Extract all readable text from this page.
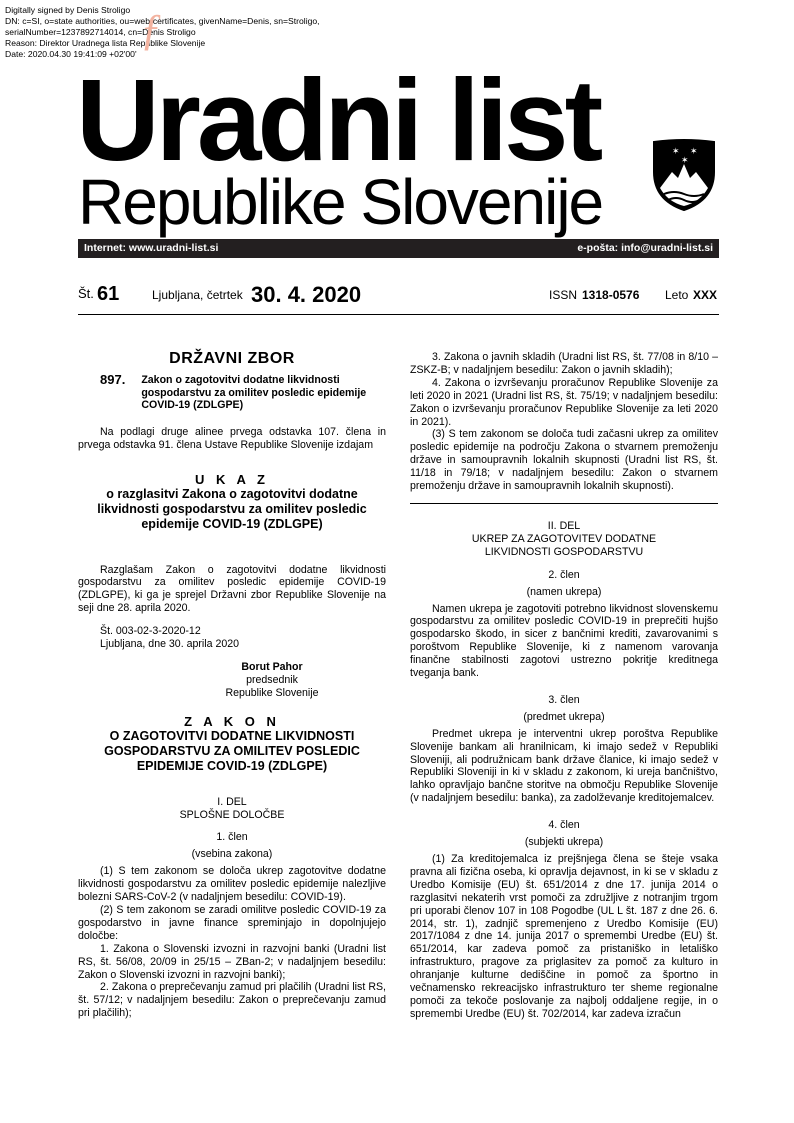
Digitally signed by Denis Stroligo
DN: c=SI, o=state authorities, ou=web-certificates, givenName=Denis, sn=Stroligo,
serialNumber=1237892714014, cn=Denis Stroligo
Reason: Direktor Uradnega lista Republike Slovenije
Date: 2020.04.30 19:41:09 +02'00' ƒ
Uradni list
Republike Slovenije
✶ ✶
✶
Internet: www.uradni-list.si	e-pošta: info@uradni-list.si
Št. 61	Ljubljana, četrtek 30. 4. 2020	ISSN 1318-0576 Leto XXX

DRŽAVNI ZBOR

897. Zakon o zagotovitvi dodatne likvidnosti gospodarstvu za omilitev posledic epidemije COVID-19 (ZDLGPE)

Na podlagi druge alinee prvega odstavka 107. člena in prvega odstavka 91. člena Ustave Republike Slovenije izdajam

U K A Z

o razglasitvi Zakona o zagotovitvi dodatne likvidnosti gospodarstvu za omilitev posledic epidemije COVID-19 (ZDLGPE)

Razglašam Zakon o zagotovitvi dodatne likvidnosti gospodarstvu za omilitev posledic epidemije COVID-19 (ZDLGPE), ki ga je sprejel Državni zbor Republike Slovenije na seji dne 28. aprila 2020.

Št. 003-02-3-2020-12

Ljubljana, dne 30. aprila 2020

Borut Pahor

predsednik

Republike Slovenije

Z A K O N

O ZAGOTOVITVI DODATNE LIKVIDNOSTI GOSPODARSTVU ZA OMILITEV POSLEDIC EPIDEMIJE COVID-19 (ZDLGPE)

I. DEL

SPLOŠNE DOLOČBE

1. člen

(vsebina zakona)

(1) S tem zakonom se določa ukrep zagotovitve dodatne likvidnosti gospodarstvu za omilitev posledic epidemije nalezljive bolezni SARS-CoV-2 (v nadaljnjem besedilu: COVID-19).

(2) S tem zakonom se zaradi omilitve posledic COVID-19 za gospodarstvo in javne finance spreminjajo in dopolnjujejo določbe:

1. Zakona o Slovenski izvozni in razvojni banki (Uradni list RS, št. 56/08, 20/09 in 25/15 – ZBan-2; v nadaljnjem besedilu: Zakon o Slovenski izvozni in razvojni banki);

2. Zakona o preprečevanju zamud pri plačilih (Uradni list RS, št. 57/12; v nadaljnjem besedilu: Zakon o preprečevanju zamud pri plačilih);

3. Zakona o javnih skladih (Uradni list RS, št. 77/08 in 8/10 – ZSKZ-B; v nadaljnjem besedilu: Zakon o javnih skladih);

4. Zakona o izvrševanju proračunov Republike Slovenije za leti 2020 in 2021 (Uradni list RS, št. 75/19; v nadaljnjem besedilu: Zakon o izvrševanju proračunov Republike Slovenije za leti 2020 in 2021).

(3) S tem zakonom se določa tudi začasni ukrep za omilitev posledic epidemije na področju Zakona o stvarnem premoženju države in samoupravnih lokalnih skupnosti (Uradni list RS, št. 11/18 in 79/18; v nadaljnjem besedilu: Zakon o stvarnem premoženju države in samoupravnih lokalnih skupnosti).

II. DEL

UKREP ZA ZAGOTOVITEV DODATNE LIKVIDNOSTI GOSPODARSTVU

2. člen

(namen ukrepa)

Namen ukrepa je zagotoviti potrebno likvidnost slovenskemu gospodarstvu za omilitev posledic COVID-19 in preprečiti hujšo gospodarsko škodo, in sicer z bančnimi krediti, zavarovanimi s poroštvom Republike Slovenije, ki z namenom varovanja finančne stabilnosti zagotovi ustrezno pokritje kreditnega tveganja bank.

3. člen

(predmet ukrepa)

Predmet ukrepa je interventni ukrep poroštva Republike Slovenije bankam ali hranilnicam, ki imajo sedež v Republiki Sloveniji, ali podružnicam bank države članice, ki imajo sedež v Republiki Sloveniji in ki v skladu z zakonom, ki ureja bančništvo, lahko opravljajo bančne storitve na območju Republike Slovenije (v nadaljnjem besedilu: banka), za zadolževanje kreditojemalcev.

4. člen

(subjekti ukrepa)

(1) Za kreditojemalca iz prejšnjega člena se šteje vsaka pravna ali fizična oseba, ki opravlja dejavnost, in ki se v skladu z Uredbo Komisije (EU) št. 651/2014 z dne 17. junija 2014 o razglasitvi nekaterih vrst pomoči za združljive z notranjim trgom pri uporabi členov 107 in 108 Pogodbe (UL L št. 187 z dne 26. 6. 2014, str. 1), zadnjič spremenjeno z Uredbo Komisije (EU) 2017/1084 z dne 14. junija 2017 o spremembi Uredbe (EU) št. 651/2014, kar zadeva pomoč za pristaniško in letališko infrastrukturo, pragove za priglasitev za pomoč za kulturo in ohranjanje kulturne dediščine in pomoč za športno in večnamensko rekreacijsko infrastrukturo ter sheme regionalne pomoči za tekoče poslovanje za najbolj oddaljene regije, in o spremembi Uredbe (EU) št. 702/2014, kar zadeva izračun
